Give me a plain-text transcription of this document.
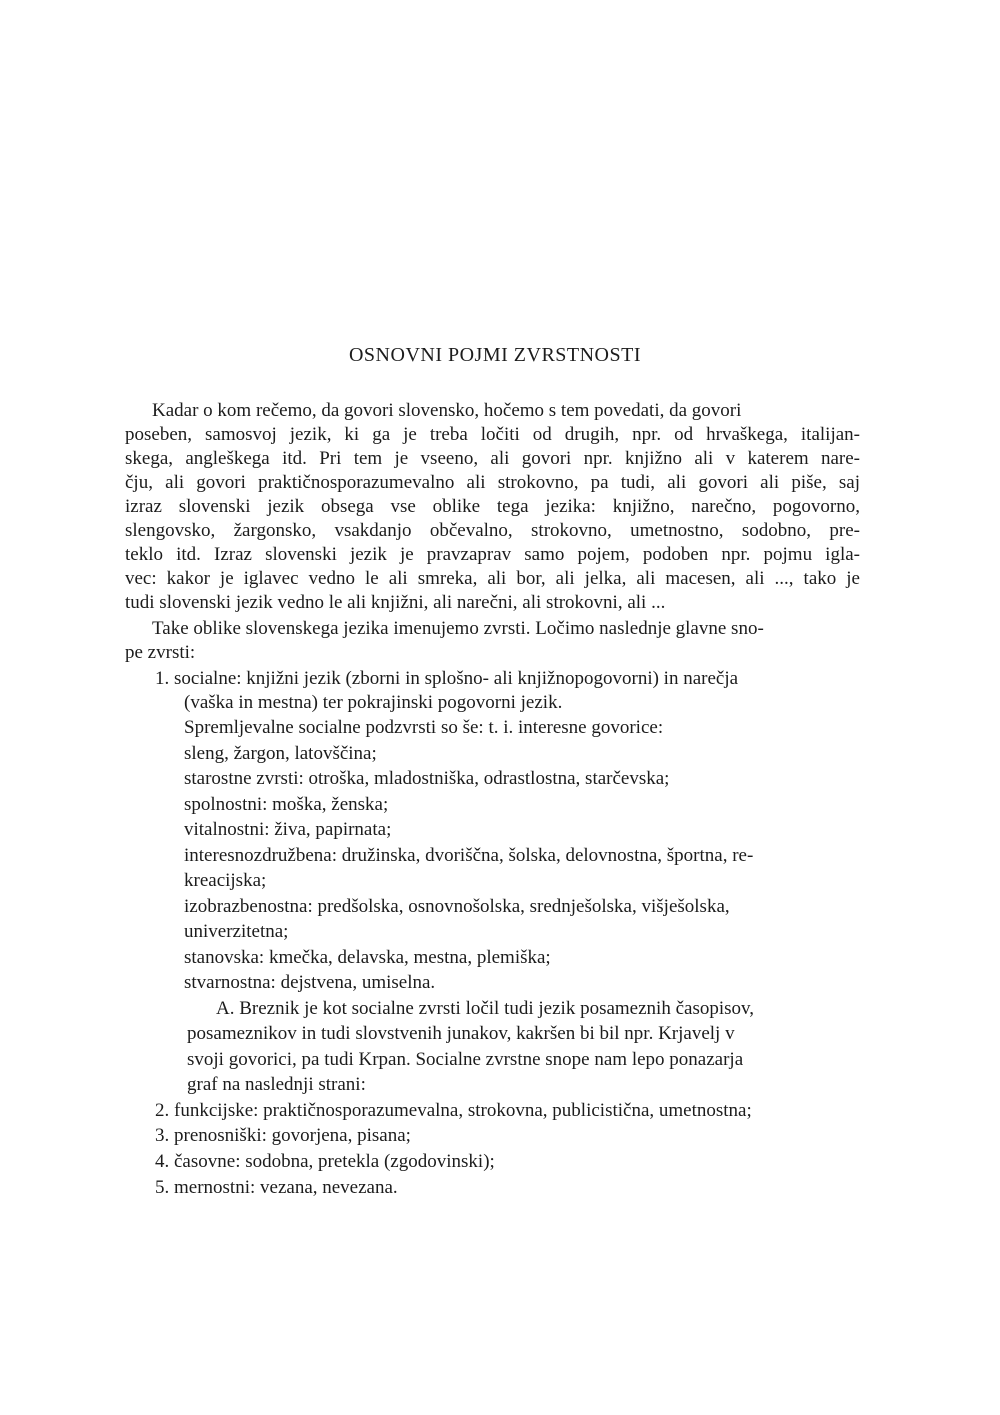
OSNOVNI POJMI ZVRSTNOSTI

Kadar o kom rečemo, da govori slovensko, hočemo s tem povedati, da govori

poseben, samosvoj jezik, ki ga je treba ločiti od drugih, npr. od hrvaškega, italijan-

skega, angleškega itd. Pri tem je vseeno, ali govori npr. knjižno ali v katerem nare-

čju, ali govori praktičnosporazumevalno ali strokovno, pa tudi, ali govori ali piše, saj

izraz slovenski jezik obsega vse oblike tega jezika: knjižno, narečno, pogovorno,

slengovsko, žargonsko, vsakdanjo občevalno, strokovno, umetnostno, sodobno, pre-

teklo itd. Izraz slovenski jezik je pravzaprav samo pojem, podoben npr. pojmu igla-

vec: kakor je iglavec vedno le ali smreka, ali bor, ali jelka, ali macesen, ali ..., tako je

tudi slovenski jezik vedno le ali knjižni, ali narečni, ali strokovni, ali ...

Take oblike slovenskega jezika imenujemo zvrsti. Ločimo naslednje glavne sno-

pe zvrsti:

1. socialne: knjižni jezik (zborni in splošno- ali knjižnopogovorni) in narečja

(vaška in mestna) ter pokrajinski pogovorni jezik.

Spremljevalne socialne podzvrsti so še: t. i. interesne govorice:

sleng, žargon, latovščina;

starostne zvrsti: otroška, mladostniška, odrastlostna, starčevska;

spolnostni: moška, ženska;

vitalnostni: živa, papirnata;

interesnozdružbena: družinska, dvoriščna, šolska, delovnostna, športna, re-

kreacijska;

izobrazbenostna: predšolska, osnovnošolska, srednješolska, višješolska,

univerzitetna;

stanovska: kmečka, delavska, mestna, plemiška;

stvarnostna: dejstvena, umiselna.

A. Breznik je kot socialne zvrsti ločil tudi jezik posameznih časopisov,

posameznikov in tudi slovstvenih junakov, kakršen bi bil npr. Krjavelj v

svoji govorici, pa tudi Krpan. Socialne zvrstne snope nam lepo ponazarja

graf na naslednji strani:

2. funkcijske: praktičnosporazumevalna, strokovna, publicistična, umetnostna;

3. prenosniški: govorjena, pisana;

4. časovne: sodobna, pretekla (zgodovinski);

5. mernostni: vezana, nevezana.
